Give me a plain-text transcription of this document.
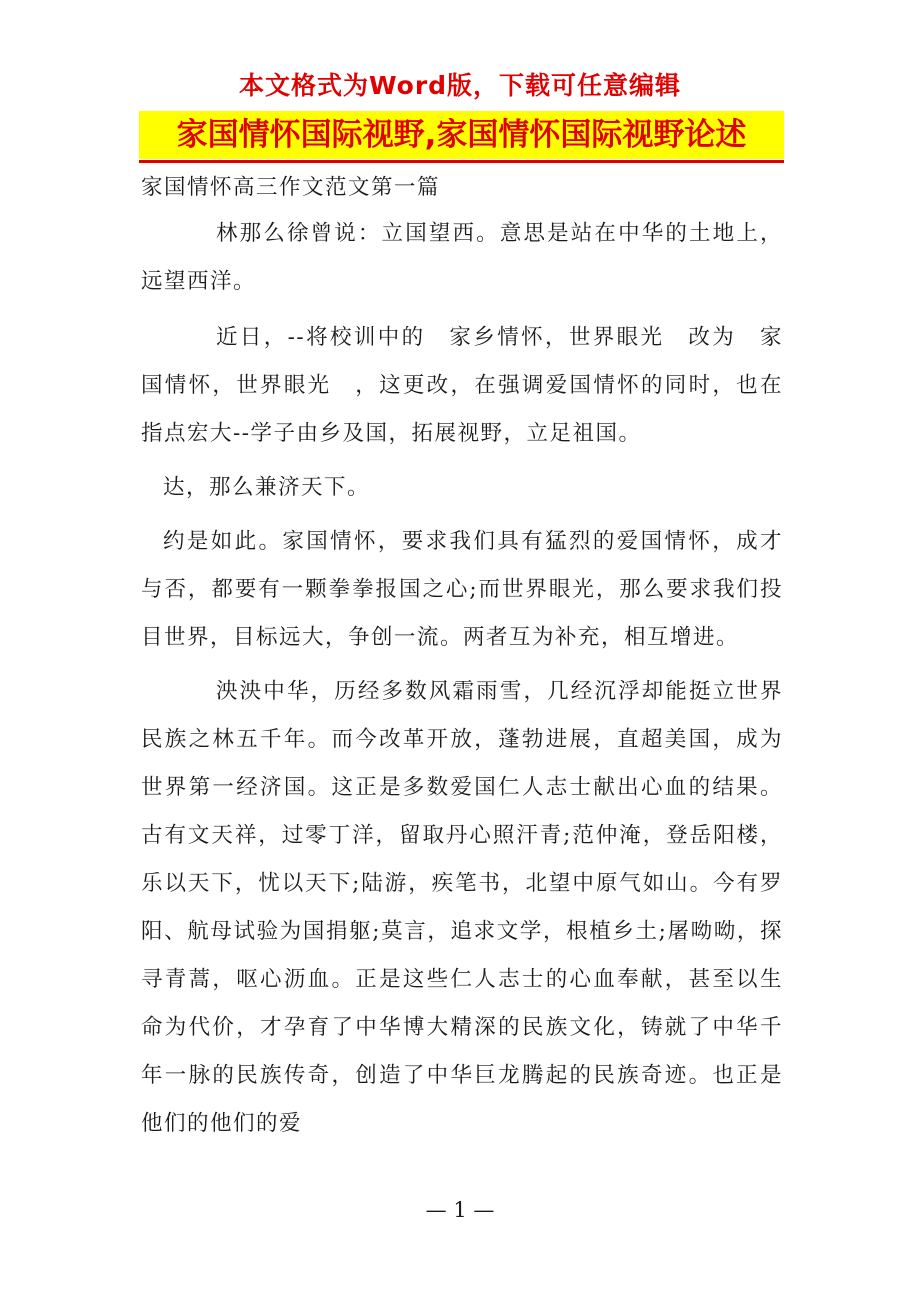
本文格式为Word版，下载可任意编辑
家国情怀国际视野,家国情怀国际视野论述

家国情怀高三作文范文第一篇

林那么徐曾说：立国望西。意思是站在中华的土地上，远望西洋。

近日，--将校训中的　家乡情怀，世界眼光　改为　家国情怀，世界眼光　，这更改，在强调爱国情怀的同时，也在指点宏大--学子由乡及国，拓展视野，立足祖国。

达，那么兼济天下。

约是如此。家国情怀，要求我们具有猛烈的爱国情怀，成才与否，都要有一颗拳拳报国之心;而世界眼光，那么要求我们投目世界，目标远大，争创一流。两者互为补充，相互增进。

泱泱中华，历经多数风霜雨雪，几经沉浮却能挺立世界民族之林五千年。而今改革开放，蓬勃进展，直超美国，成为世界第一经济国。这正是多数爱国仁人志士献出心血的结果。古有文天祥，过零丁洋，留取丹心照汗青;范仲淹，登岳阳楼，乐以天下，忧以天下;陆游，疾笔书，北望中原气如山。今有罗阳、航母试验为国捐躯;莫言，追求文学，根植乡土;屠呦呦，探寻青蒿，呕心沥血。正是这些仁人志士的心血奉献，甚至以生命为代价，才孕育了中华博大精深的民族文化，铸就了中华千年一脉的民族传奇，创造了中华巨龙腾起的民族奇迹。也正是他们的他们的爱

— 1 —
